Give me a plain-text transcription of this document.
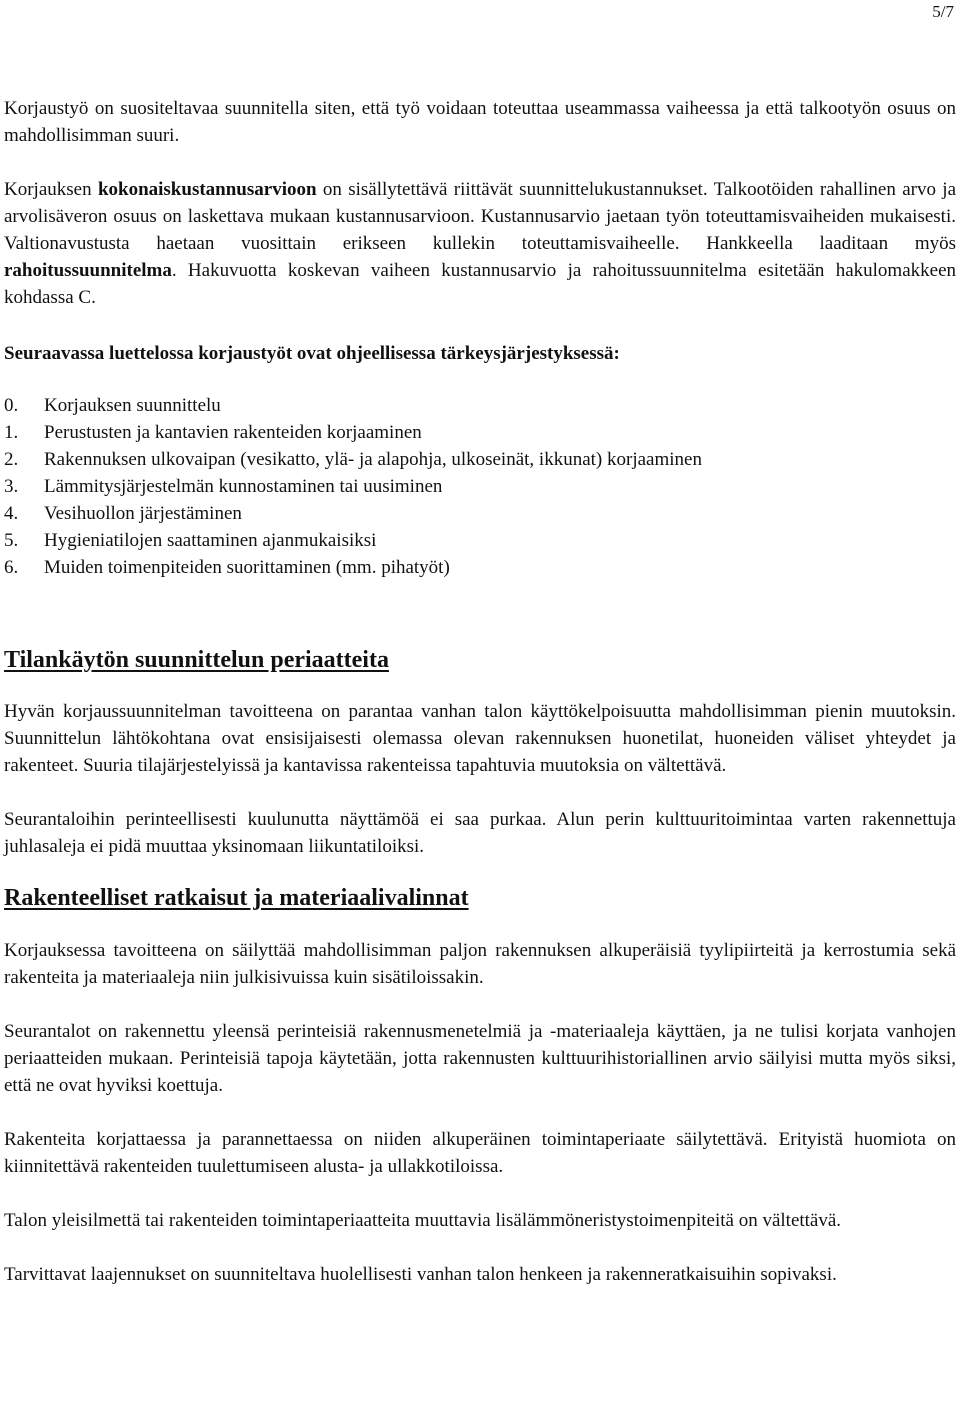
5/7

Korjaustyö on suositeltavaa suunnitella siten, että työ voidaan toteuttaa useammassa vaiheessa ja että talkootyön osuus on mahdollisimman suuri.

Korjauksen kokonaiskustannusarvioon on sisällytettävä riittävät suunnittelukustannukset. Talkootöiden rahallinen arvo ja arvolisäveron osuus on laskettava mukaan kustannusarvioon. Kustannusarvio jaetaan työn toteuttamisvaiheiden mukaisesti. Valtionavustusta haetaan vuosittain erikseen kullekin toteuttamisvaiheelle. Hankkeella laaditaan myös rahoitussuunnitelma. Hakuvuotta koskevan vaiheen kustannusarvio ja rahoitussuunnitelma esitetään hakulomakkeen kohdassa C.

Seuraavassa luettelossa korjaustyöt ovat ohjeellisessa tärkeysjärjestyksessä:

0.	Korjauksen suunnittelu
1.	Perustusten ja kantavien rakenteiden korjaaminen
2.	Rakennuksen ulkovaipan (vesikatto, ylä- ja alapohja, ulkoseinät, ikkunat) korjaaminen
3.	Lämmitysjärjestelmän kunnostaminen tai uusiminen
4.	Vesihuollon järjestäminen
5.	Hygieniatilojen saattaminen ajanmukaisiksi
6.	Muiden toimenpiteiden suorittaminen (mm. pihatyöt)
Tilankäytön suunnittelun periaatteita

Hyvän korjaussuunnitelman tavoitteena on parantaa vanhan talon käyttökelpoisuutta mahdollisimman pienin muutoksin. Suunnittelun lähtökohtana ovat ensisijaisesti olemassa olevan rakennuksen huonetilat, huoneiden väliset yhteydet ja rakenteet. Suuria tilajärjestelyissä ja kantavissa rakenteissa tapahtuvia muutoksia on vältettävä.

Seurantaloihin perinteellisesti kuulunutta näyttämöä ei saa purkaa. Alun perin kulttuuritoimintaa varten rakennettuja juhlasaleja ei pidä muuttaa yksinomaan liikuntatiloiksi.

Rakenteelliset ratkaisut ja materiaalivalinnat

Korjauksessa tavoitteena on säilyttää mahdollisimman paljon rakennuksen alkuperäisiä tyylipiirteitä ja kerrostumia sekä rakenteita ja materiaaleja niin julkisivuissa kuin sisätiloissakin.

Seurantalot on rakennettu yleensä perinteisiä rakennusmenetelmiä ja -materiaaleja käyttäen, ja ne tulisi korjata vanhojen periaatteiden mukaan. Perinteisiä tapoja käytetään, jotta rakennusten kulttuurihistoriallinen arvio säilyisi mutta myös siksi, että ne ovat hyviksi koettuja.

Rakenteita korjattaessa ja parannettaessa on niiden alkuperäinen toimintaperiaate säilytettävä. Erityistä huomiota on kiinnitettävä rakenteiden tuulettumiseen alusta- ja ullakkotiloissa.

Talon yleisilmettä tai rakenteiden toimintaperiaatteita muuttavia lisälämmöneristystoimenpiteitä on vältettävä.

Tarvittavat laajennukset on suunniteltava huolellisesti vanhan talon henkeen ja rakenneratkaisuihin sopivaksi.
